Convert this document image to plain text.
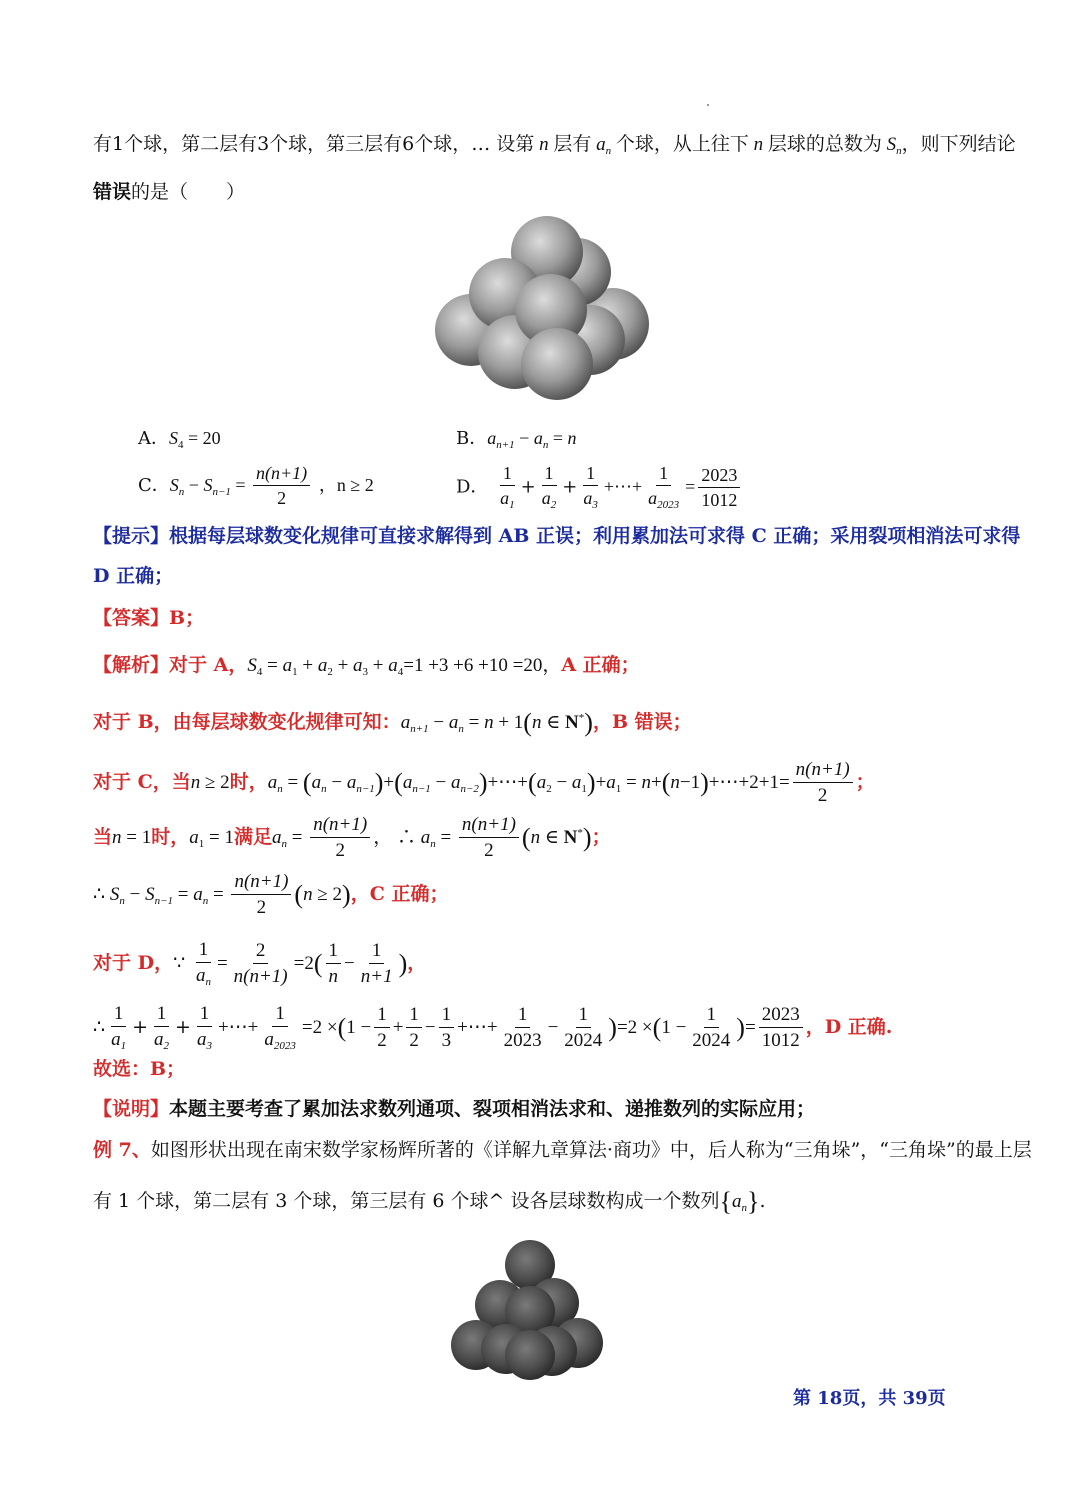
有1个球，第二层有3个球，第三层有6个球，… 设第 n 层有 $a_n$ 个球，从上往下 n 层球的总数为 $S_n$，则下列结论
错误的是（　　）
A．$S_4 = 20$	B．$a_{n+1} - a_n = n$
C．$S_n - S_{n-1} = \frac{n(n+1)}{2}$ ，n ≥ 2	D． $\frac{1}{a_1} + \frac{1}{a_2} + \frac{1}{a_3}$ +⋯+ $\frac{1}{a_{2023}} = \frac{2023}{1012}$
【提示】根据每层球数变化规律可直接求解得到 AB 正误；利用累加法可求得 C 正确；采用裂项相消法可求得
D 正确；
【答案】B；
【解析】对于 A，$S_4 = a_1 + a_2 + a_3 + a_4=1 +3 +6 +10 =20$，A 正确；
对于 B，由每层球数变化规律可知：$a_{n+1} - a_n = n + 1(n$ ∈ N*)，B 错误；
对于 C，当n ≥ 2时，$a_n = (a_n - a_{n-1})+(a_{n-1}$ − $a_{n-2})+\cdots+(a_2 - a_1)+a_1$ = n+(n−1)+⋯+2+1= $\frac{n(n+1)}{2}$ ；
当n = 1时，$a_1 = 1$满足$a_n = \frac{n(n+1)}{2}$ ， ∴ $a_n = \frac{n(n+1)}{2} (n$ ∈ N*)；
∴ $S_n - S_{n-1} = a_n = \frac{n(n+1)}{2} (n \ge 2)$，C 正确；
对于 D，∵ $\frac{1}{a_n} = \frac{2}{n(n+1)} =2( \frac{1}{n} - \frac{1}{n+1}$ )，
∴ $\frac{1}{a_1} + \frac{1}{a_2} + \frac{1}{a_3}$ +⋯+ $\frac{1}{a_{2023}} =2 \times(1 - \frac{1}{2} + \frac{1}{2} - \frac{1}{3}$ +⋯+ $\frac{1}{2023} - \frac{1}{2024} )=2 \times(1 - \frac{1}{2024}$ )= $\frac{2023}{1012}$ ，D 正确.
故选：B；
【说明】本题主要考查了累加法求数列通项、裂项相消法求和、递推数列的实际应用；
例 7、如图形状出现在南宋数学家杨辉所著的《详解九章算法·商功》中，后人称为“三角垛”，“三角垛”的最上层
有 1 个球，第二层有 3 个球，第三层有 6 个球^ 设各层球数构成一个数列$\{a_n\}$.
第 18页，共 39页
